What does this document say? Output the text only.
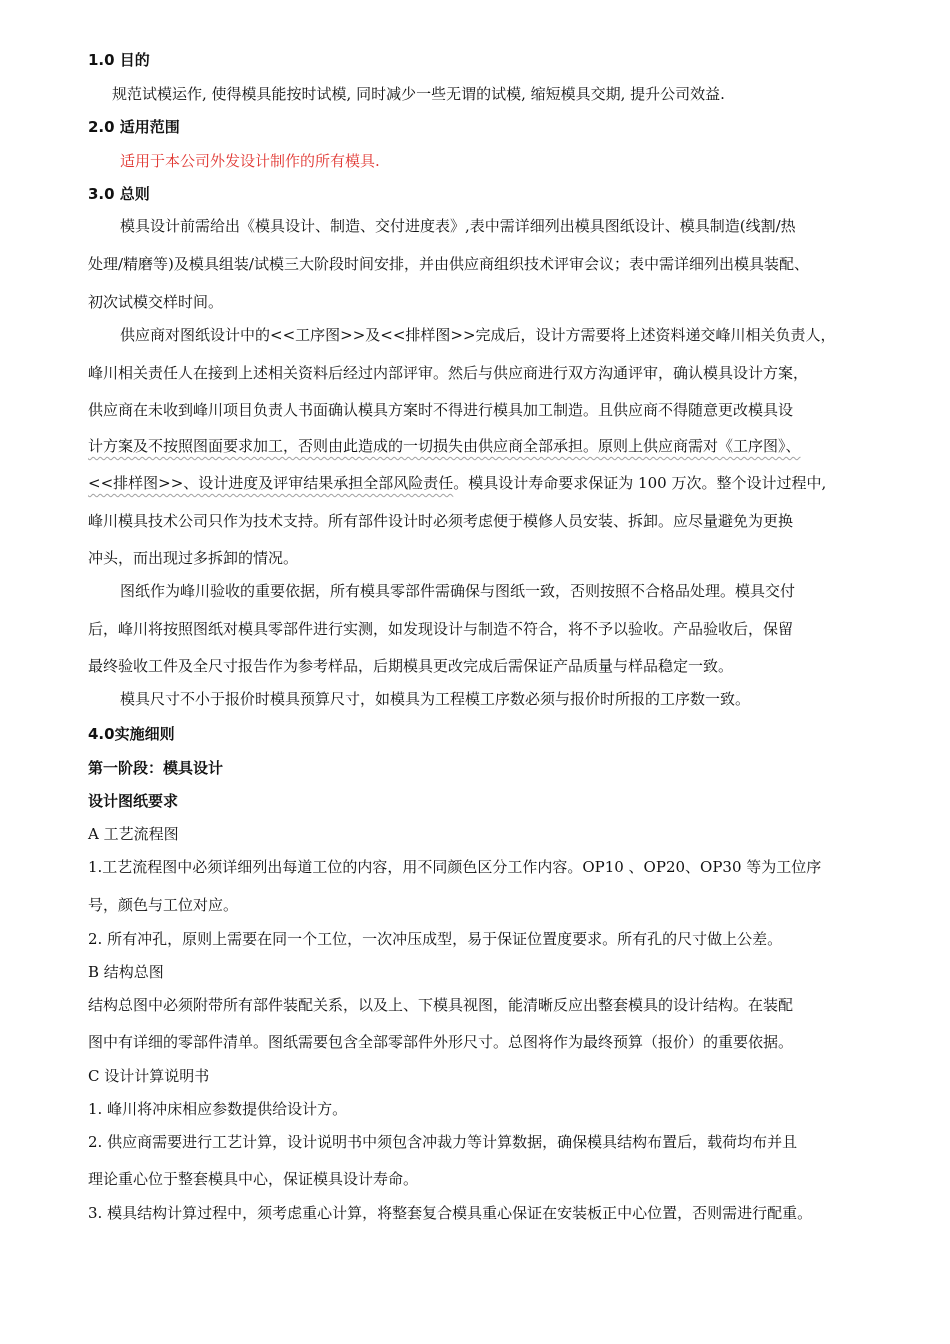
1.0 目的
规范试模运作, 使得模具能按时试模, 同时减少一些无谓的试模, 缩短模具交期, 提升公司效益.
2.0 适用范围
适用于本公司外发设计制作的所有模具.
3.0 总则
模具设计前需给出《模具设计、制造、交付进度表》,表中需详细列出模具图纸设计、模具制造(线割/热
处理/精磨等)及模具组装/试模三大阶段时间安排，并由供应商组织技术评审会议；表中需详细列出模具装配、
初次试模交样时间。
供应商对图纸设计中的<<工序图>>及<<排样图>>完成后，设计方需要将上述资料递交峰川相关负责人，
峰川相关责任人在接到上述相关资料后经过内部评审。然后与供应商进行双方沟通评审，确认模具设计方案，
供应商在未收到峰川项目负责人书面确认模具方案时不得进行模具加工制造。且供应商不得随意更改模具设
计方案及不按照图面要求加工，否则由此造成的一切损失由供应商全部承担。原则上供应商需对《工序图》、
<<排样图>>、设计进度及评审结果承担全部风险责任。模具设计寿命要求保证为 100 万次。整个设计过程中,
峰川模具技术公司只作为技术支持。所有部件设计时必须考虑便于模修人员安装、拆卸。应尽量避免为更换
冲头，而出现过多拆卸的情况。
图纸作为峰川验收的重要依据，所有模具零部件需确保与图纸一致，否则按照不合格品处理。模具交付
后，峰川将按照图纸对模具零部件进行实测，如发现设计与制造不符合，将不予以验收。产品验收后，保留
最终验收工件及全尺寸报告作为参考样品，后期模具更改完成后需保证产品质量与样品稳定一致。
模具尺寸不小于报价时模具预算尺寸，如模具为工程模工序数必须与报价时所报的工序数一致。
4.0实施细则
第一阶段：模具设计
设计图纸要求
A 工艺流程图
1.工艺流程图中必须详细列出每道工位的内容，用不同颜色区分工作内容。OP10 、OP20、OP30 等为工位序
号，颜色与工位对应。
2. 所有冲孔，原则上需要在同一个工位，一次冲压成型，易于保证位置度要求。所有孔的尺寸做上公差。
B 结构总图
结构总图中必须附带所有部件装配关系，以及上、下模具视图，能清晰反应出整套模具的设计结构。在装配
图中有详细的零部件清单。图纸需要包含全部零部件外形尺寸。总图将作为最终预算（报价）的重要依据。
C 设计计算说明书
1. 峰川将冲床相应参数提供给设计方。
2. 供应商需要进行工艺计算，设计说明书中须包含冲裁力等计算数据，确保模具结构布置后，载荷均布并且
理论重心位于整套模具中心，保证模具设计寿命。
3. 模具结构计算过程中，须考虑重心计算，将整套复合模具重心保证在安装板正中心位置，否则需进行配重。
